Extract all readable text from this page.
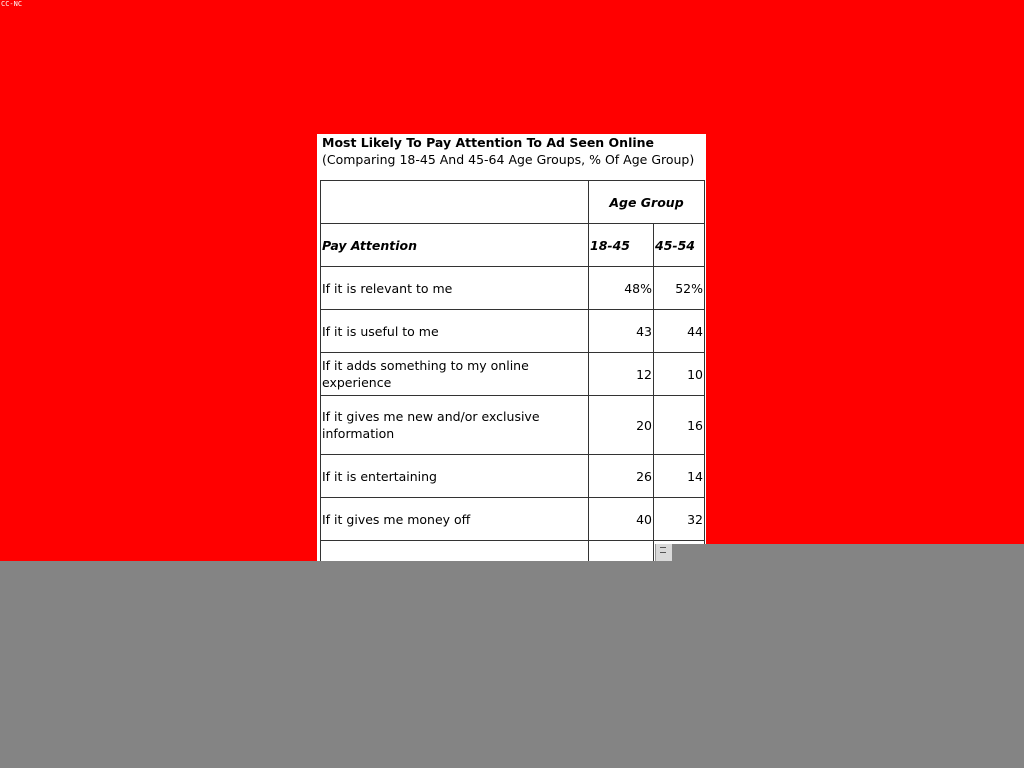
CC-NC
Most Likely To Pay Attention To Ad Seen Online (Comparing 18-45 And 45-64 Age Groups, % Of Age Group)
	Age Group	
Pay Attention	18-45	45-54
If it is relevant to me	48%	52%
If it is useful to me	43	44
If it adds something to my online experience	12	10
If it gives me new and/or exclusive information	20	16
If it is entertaining	26	14
If it gives me money off	40	32
